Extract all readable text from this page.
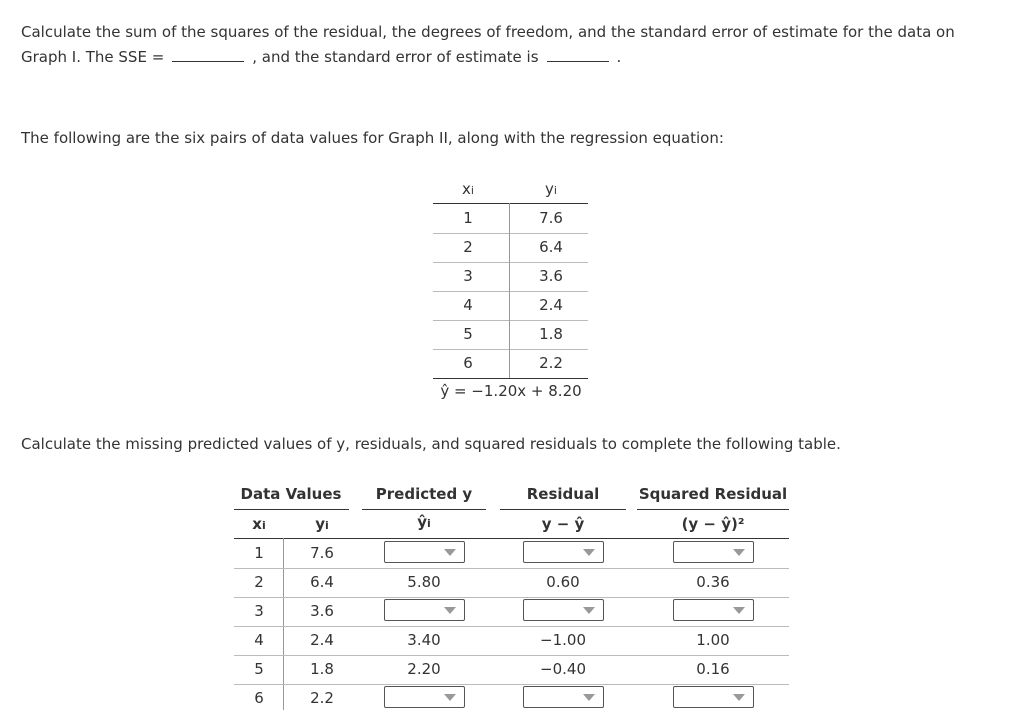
Calculate the sum of the squares of the residual, the degrees of freedom, and the standard error of estimate for the data on
Graph I. The SSE =	, and the standard error of estimate is	.
The following are the six pairs of data values for Graph II, along with the regression equation:
xi	yi
1	7.6
2	6.4
3	3.6
4	2.4
5	1.8
6	2.2
ŷ = −1.20x + 8.20
Calculate the missing predicted values of y, residuals, and squared residuals to complete the following table.
Data Values	Predicted y	Residual	Squared Residual
xi	yi	ŷi	y − ŷ	(y − ŷ)²
1	7.6
2	6.4	5.80	0.60	0.36
3	3.6
4	2.4	3.40	−1.00	1.00
5	1.8	2.20	−0.40	0.16
6	2.2
